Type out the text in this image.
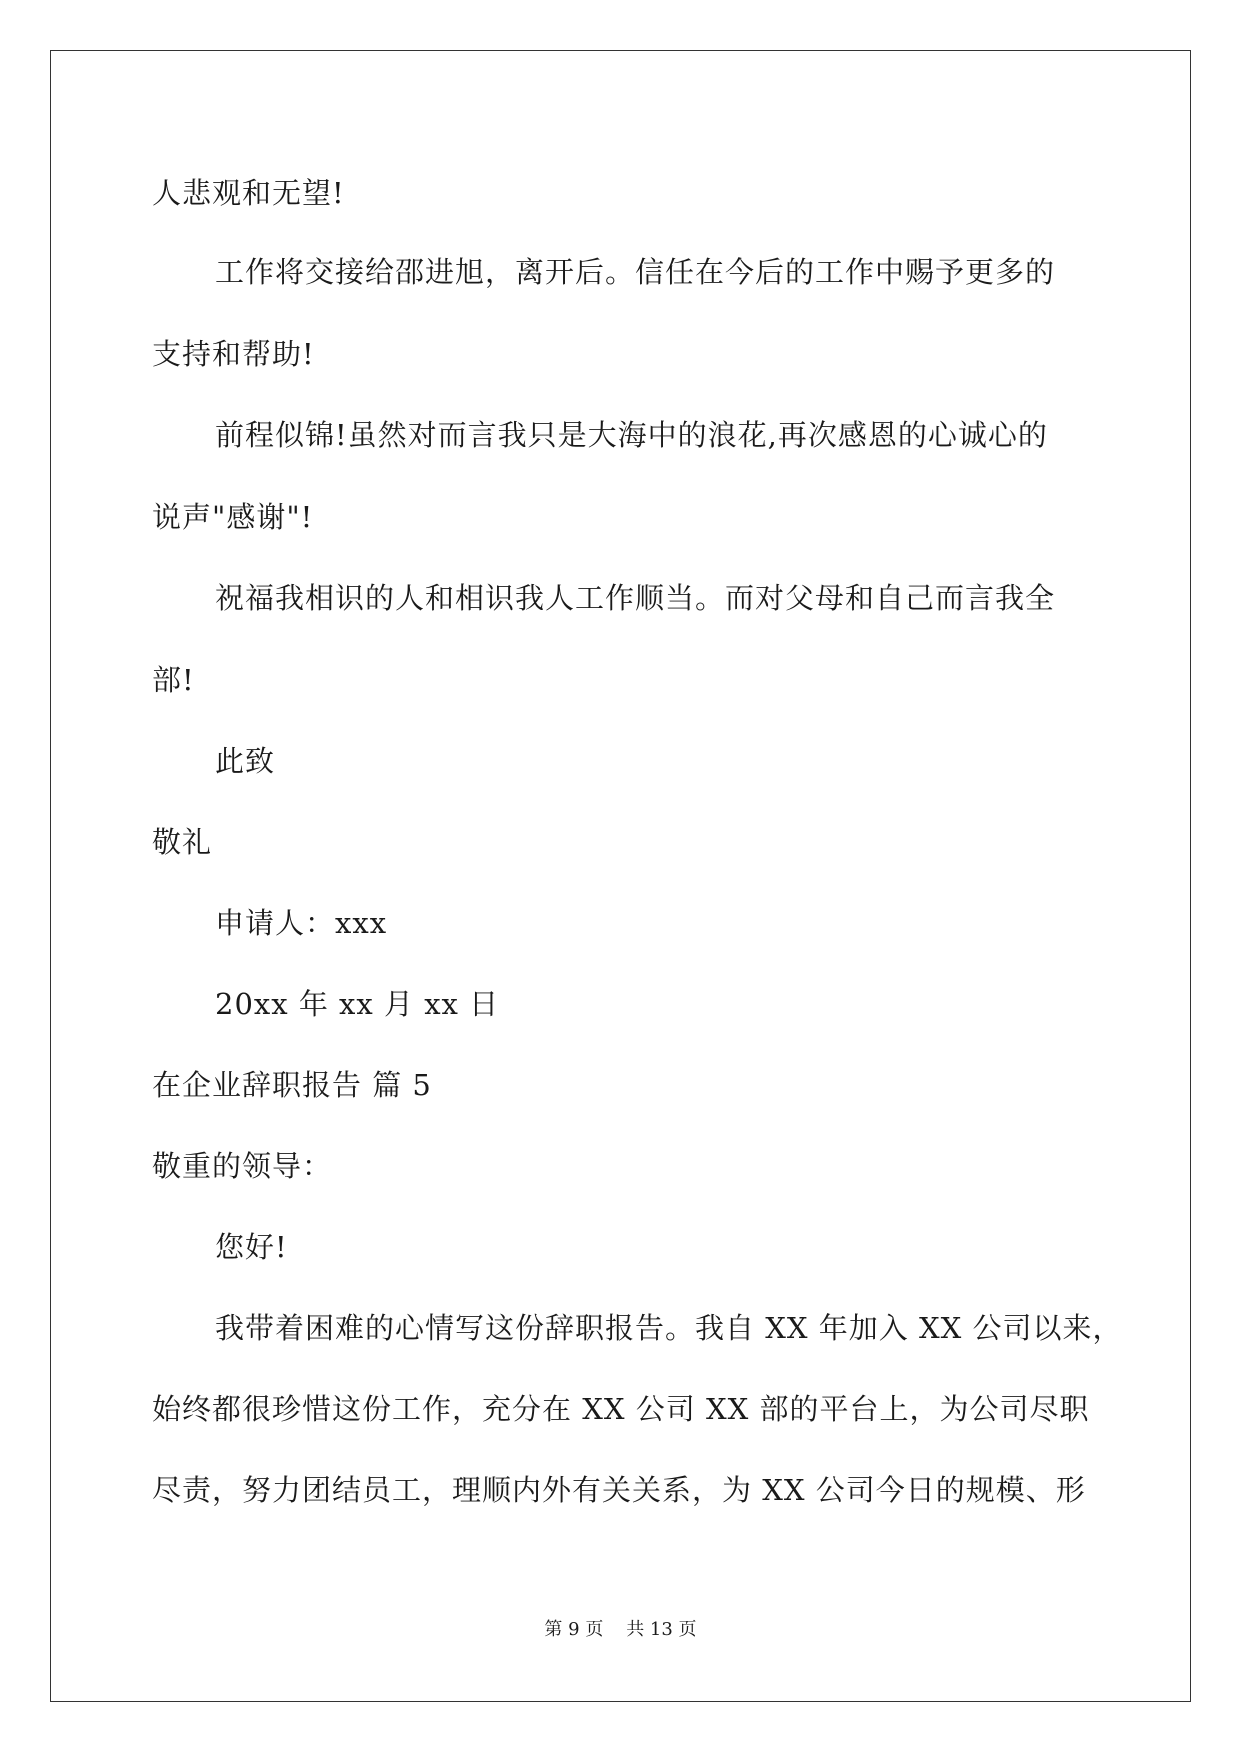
人悲观和无望!
工作将交接给邵进旭，离开后。信任在今后的工作中赐予更多的
支持和帮助!
前程似锦!虽然对而言我只是大海中的浪花,再次感恩的心诚心的
说声"感谢"!
祝福我相识的人和相识我人工作顺当。而对父母和自己而言我全
部!
此致
敬礼
申请人：xxx
20xx 年 xx 月 xx 日
在企业辞职报告 篇 5
敬重的领导：
您好!
我带着困难的心情写这份辞职报告。我自 XX 年加入 XX 公司以来，
始终都很珍惜这份工作，充分在 XX 公司 XX 部的平台上，为公司尽职
尽责，努力团结员工，理顺内外有关关系，为 XX 公司今日的规模、形
第 9 页    共 13 页
